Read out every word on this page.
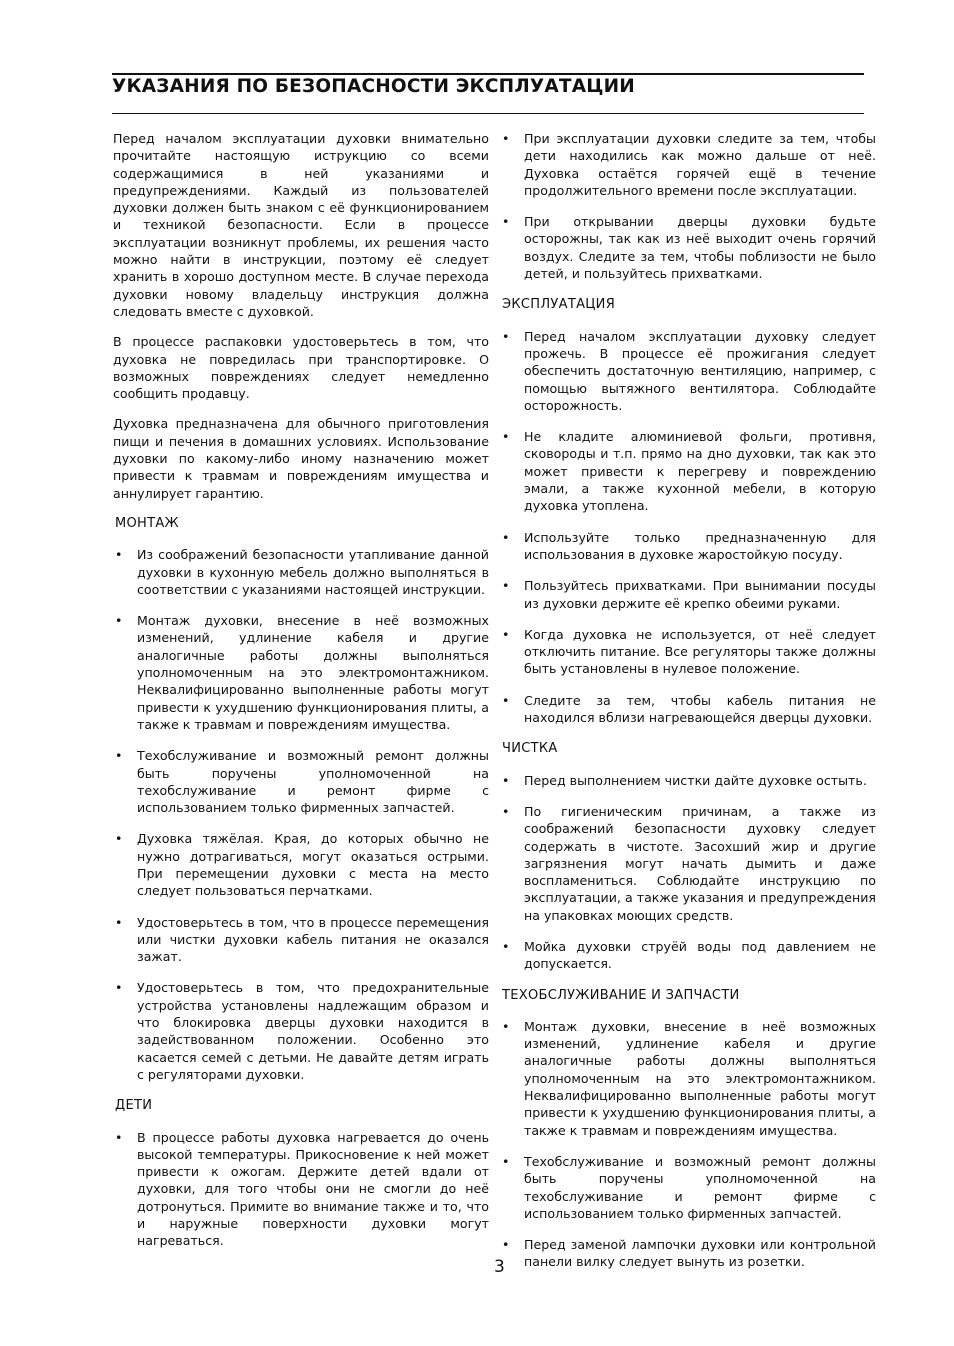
УКАЗАНИЯ ПО БЕЗОПАСНОСТИ ЭКСПЛУАТАЦИИ

Перед началом эксплуатации духовки внимательно прочитайте настоящую иструкцию со всеми содержащимися в ней указаниями и предупреждениями. Каждый из пользователей духовки должен быть знаком с её функционированием и техникой безопасности. Если в процессе эксплуатации возникнут проблемы, их решения часто можно найти в инструкции, поэтому её следует хранить в хорошо доступном месте. В случае перехода духовки новому владельцу инструкция должна следовать вместе с духовкой.

В процессе распаковки удостоверьтесь в том, что духовка не повредилась при транспортировке. О возможных повреждениях следует немедленно сообщить продавцу.

Духовка предназначена для обычного приготовления пищи и печения в домашних условиях. Использование духовки по какому-либо иному назначению может привести к травмам и повреждениям имущества и аннулирует гарантию.

МОНТАЖ
• Из соображений безопасности утапливание данной духовки в кухонную мебель должно выполняться в соответствии с указаниями настоящей инструкции.
• Монтаж духовки, внесение в неё возможных изменений, удлинение кабеля и другие аналогичные работы должны выполняться уполномоченным на это электромонтажником. Неквалифицированно выполненные работы могут привести к ухудшению функционирования плиты, а также к травмам и повреждениям имущества.
• Техобслуживание и возможный ремонт должны быть поручены уполномоченной на техобслуживание и ремонт фирме с использованием только фирменных запчастей.
• Духовка тяжёлая. Края, до которых обычно не нужно дотрагиваться, могут оказаться острыми. При перемещении духовки с места на место следует пользоваться перчатками.
• Удостоверьтесь в том, что в процессе перемещения или чистки духовки кабель питания не оказался зажат.
• Удостоверьтесь в том, что предохранительные устройства установлены надлежащим образом и что блокировка дверцы духовки находится в задействованном положении. Особенно это касается семей с детьми. Не давайте детям играть с регуляторами духовки.
ДЕТИ
• В процессе работы духовка нагревается до очень высокой температуры. Прикосновение к ней может привести к ожогам. Держите детей вдали от духовки, для того чтобы они не смогли до неё дотронуться. Примите во внимание также и то, что и наружные поверхности духовки могут нагреваться.
• При эксплуатации духовки следите за тем, чтобы дети находились как можно дальше от неё. Духовка остаётся горячей ещё в течение продолжительного времени после эксплуатации.
• При открывании дверцы духовки будьте осторожны, так как из неё выходит очень горячий воздух. Следите за тем, чтобы поблизости не было детей, и пользуйтесь прихватками.
ЭКСПЛУАТАЦИЯ
• Перед началом эксплуатации духовку следует прожечь. В процессе её прожигания следует обеспечить достаточную вентиляцию, например, с помощью вытяжного вентилятора. Соблюдайте осторожность.
• Не кладите алюминиевой фольги, противня, сковороды и т.п. прямо на дно духовки, так как это может привести к перегреву и повреждению эмали, а также кухонной мебели, в которую духовка утоплена.
• Используйте только предназначенную для использования в духовке жаростойкую посуду.
• Пользуйтесь прихватками. При вынимании посуды из духовки держите её крепко обеими руками.
• Когда духовка не используется, от неё следует отключить питание. Все регуляторы также должны быть установлены в нулевое положение.
• Следите за тем, чтобы кабель питания не находился вблизи нагревающейся дверцы духовки.
ЧИСТКА
• Перед выполнением чистки дайте духовке остыть.
• По гигиеническим причинам, а также из соображений безопасности духовку следует содержать в чистоте. Засохший жир и другие загрязнения могут начать дымить и даже воспламениться. Соблюдайте инструкцию по эксплуатации, а также указания и предупреждения на упаковках моющих средств.
• Мойка духовки струёй воды под давлением не допускается.
ТЕХОБСЛУЖИВАНИЕ И ЗАПЧАСТИ
• Монтаж духовки, внесение в неё возможных изменений, удлинение кабеля и другие аналогичные работы должны выполняться уполномоченным на это электромонтажником. Неквалифицированно выполненные работы могут привести к ухудшению функционирования плиты, а также к травмам и повреждениям имущества.
• Техобслуживание и возможный ремонт должны быть поручены уполномоченной на техобслуживание и ремонт фирме с использованием только фирменных запчастей.
• Перед заменой лампочки духовки или контрольной панели вилку следует вынуть из розетки.
3
